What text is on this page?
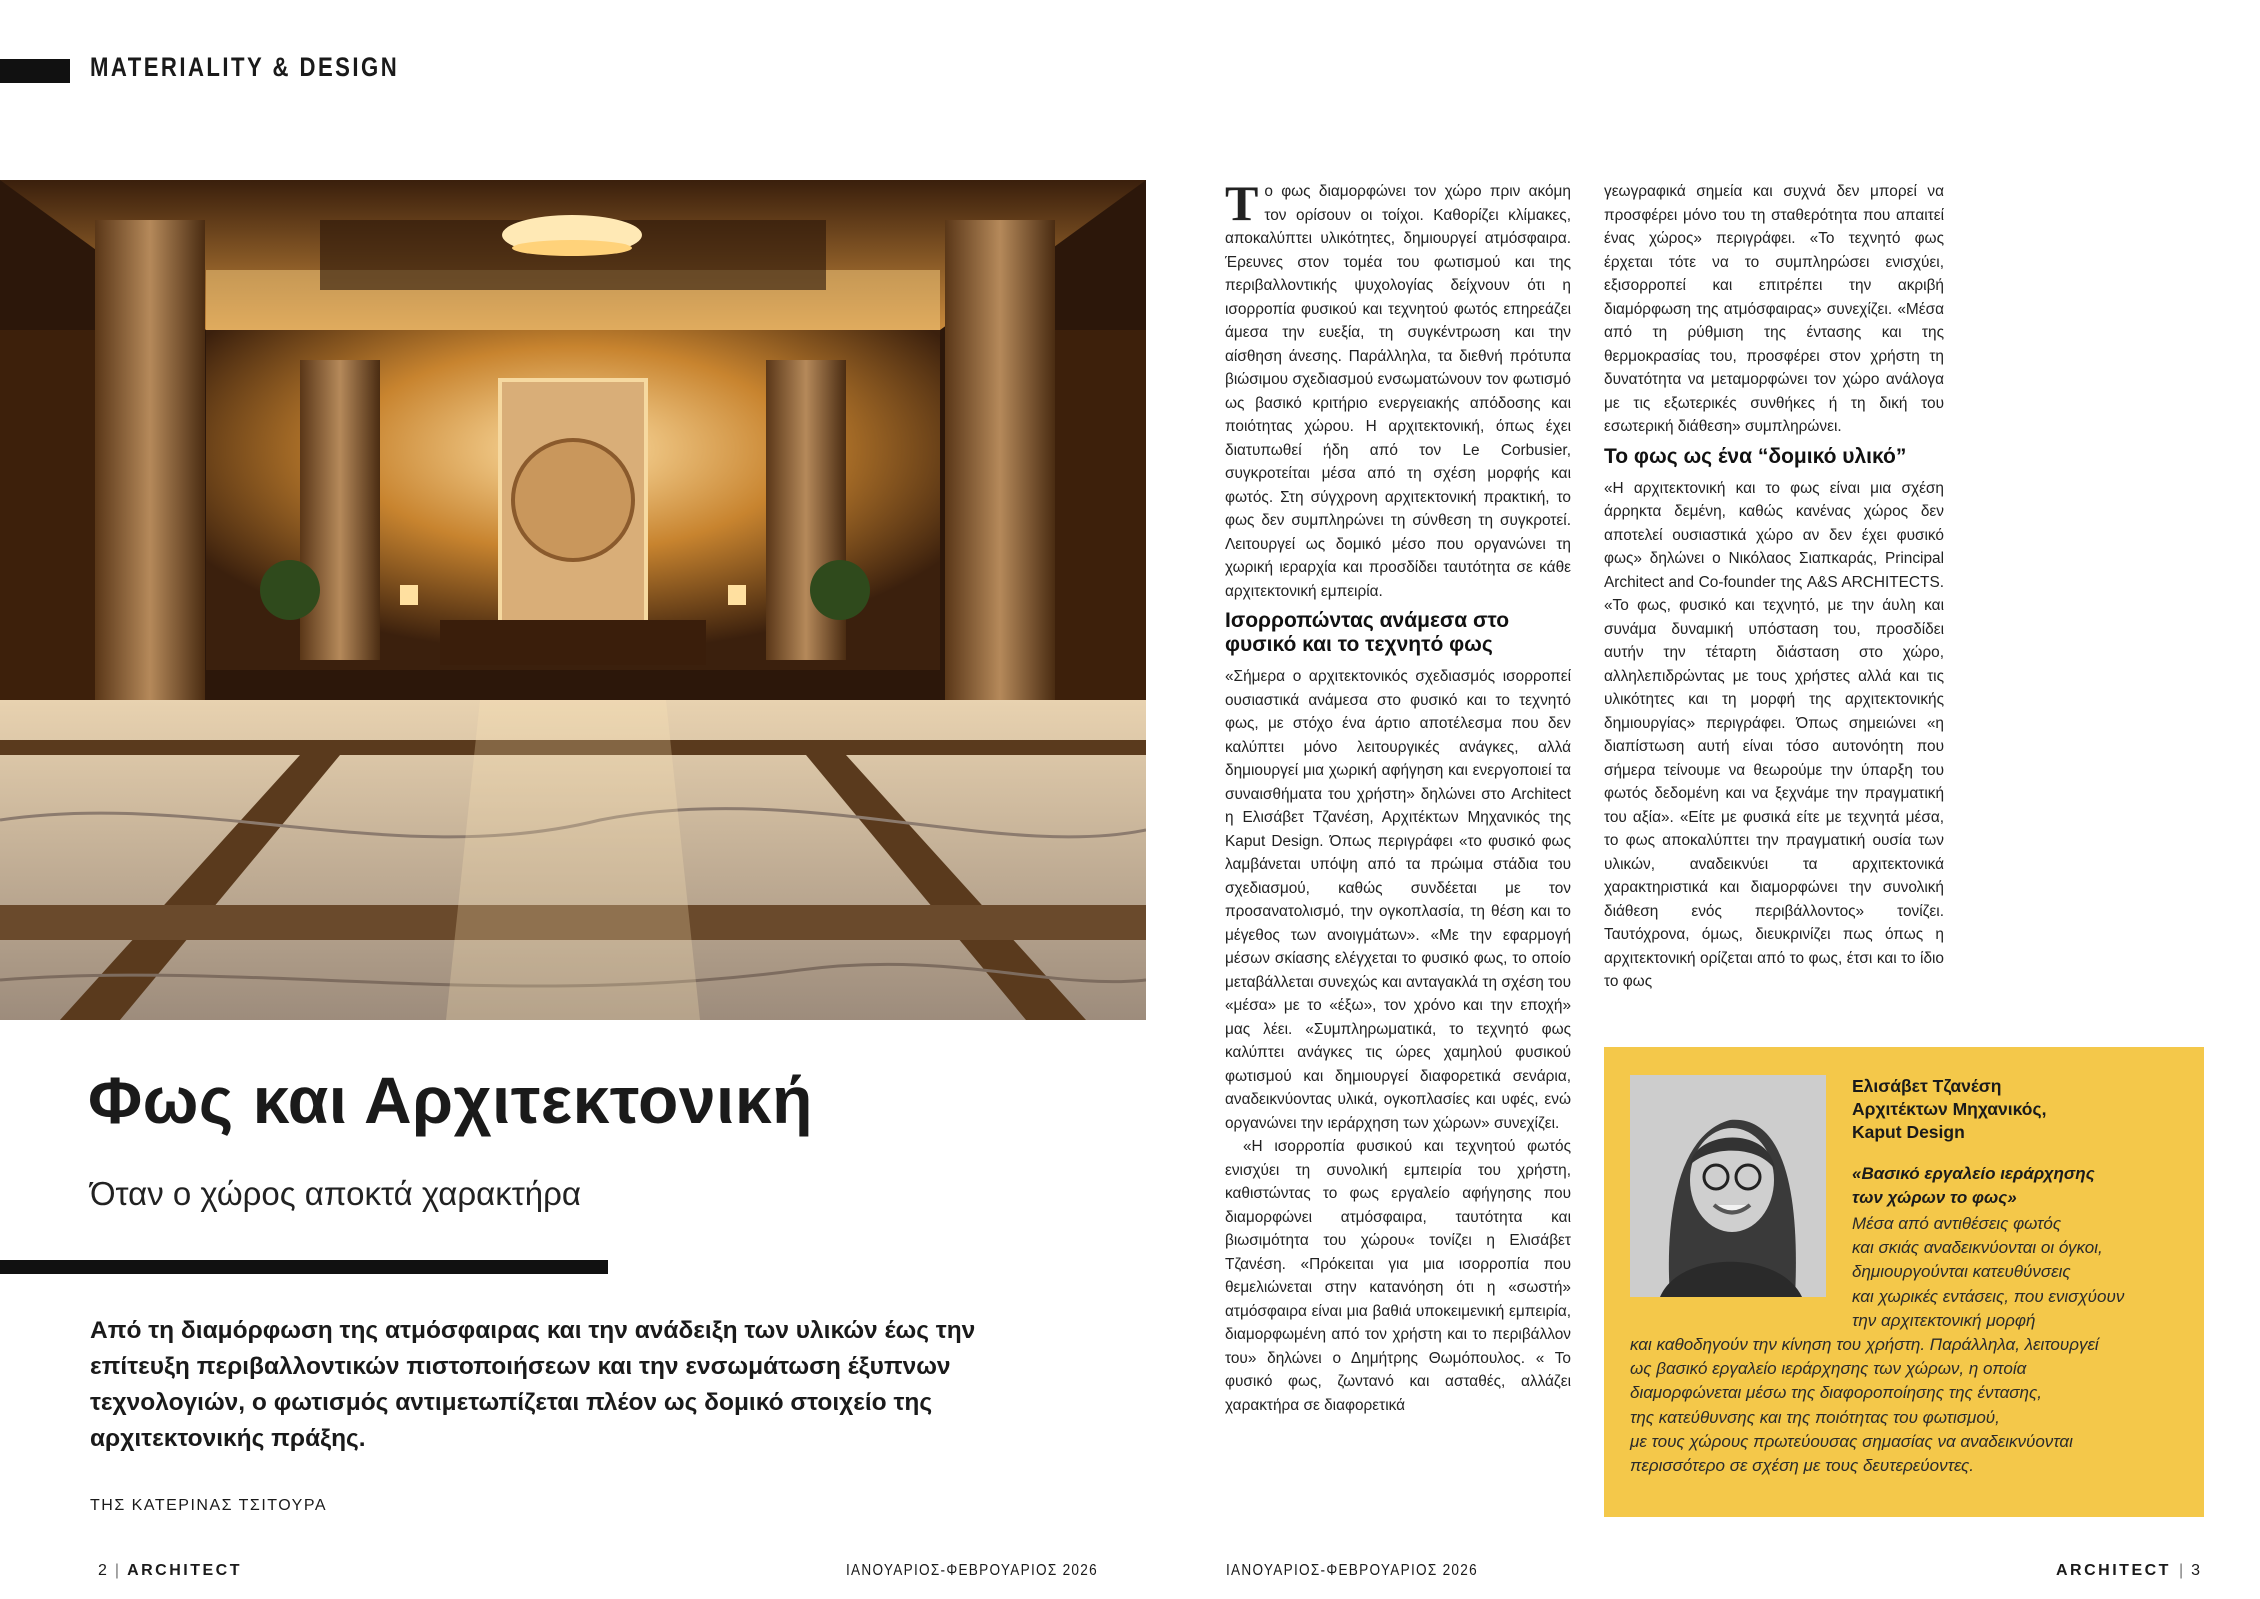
MATERIALITY & DESIGN
Φως και Αρχιτεκτονική
Όταν ο χώρος αποκτά χαρακτήρα
Από τη διαμόρφωση της ατμόσφαιρας και την ανάδειξη των υλικών έως την επίτευξη περιβαλλοντικών πιστοποιήσεων και την ενσωμάτωση έξυπνων τεχνολογιών, ο φωτισμός αντιμετωπίζεται πλέον ως δομικό στοιχείο της αρχιτεκτονικής πράξης.
ΤΗΣ ΚΑΤΕΡΙΝΑΣ ΤΣΙΤΟΥΡΑ

Το φως διαμορφώνει τον χώρο πριν ακόμη τον ορίσουν οι τοίχοι. Καθορίζει κλίμακες, αποκαλύπτει υλικότητες, δημιουργεί ατμόσφαιρα. Έρευνες στον τομέα του φωτισμού και της περιβαλλοντικής ψυχολογίας δείχνουν ότι η ισορροπία φυσικού και τεχνητού φωτός επηρεάζει άμεσα την ευεξία, τη συγκέντρωση και την αίσθηση άνεσης. Παράλληλα, τα διεθνή πρότυπα βιώσιμου σχεδιασμού ενσωματώνουν τον φωτισμό ως βασικό κριτήριο ενεργειακής απόδοσης και ποιότητας χώρου. Η αρχιτεκτονική, όπως έχει διατυπωθεί ήδη από τον Le Corbusier, συγκροτείται μέσα από τη σχέση μορφής και φωτός. Στη σύγχρονη αρχιτεκτονική πρακτική, το φως δεν συμπληρώνει τη σύνθεση τη συγκροτεί. Λειτουργεί ως δομικό μέσο που οργανώνει τη χωρική ιεραρχία και προσδίδει ταυτότητα σε κάθε αρχιτεκτονική εμπειρία.

Ισορροπώντας ανάμεσα στο φυσικό και το τεχνητό φως

«Σήμερα ο αρχιτεκτονικός σχεδιασμός ισορροπεί ουσιαστικά ανάμεσα στο φυσικό και το τεχνητό φως, με στόχο ένα άρτιο αποτέλεσμα που δεν καλύπτει μόνο λειτουργικές ανάγκες, αλλά δημιουργεί μια χωρική αφήγηση και ενεργοποιεί τα συναισθήματα του χρήστη» δηλώνει στο Architect η Ελισάβετ Τζανέση, Αρχιτέκτων Μηχανικός της Kaput Design. Όπως περιγράφει «το φυσικό φως λαμβάνεται υπόψη από τα πρώιμα στάδια του σχεδιασμού, καθώς συνδέεται με τον προσανατολισμό, την ογκοπλασία, τη θέση και το μέγεθος των ανοιγμάτων». «Με την εφαρμογή μέσων σκίασης ελέγχεται το φυσικό φως, το οποίο μεταβάλλεται συνεχώς και ανταγακλά τη σχέση του «μέσα» με το «έξω», τον χρόνο και την εποχή» μας λέει. «Συμπληρωματικά, το τεχνητό φως καλύπτει ανάγκες τις ώρες χαμηλού φυσικού φωτισμού και δημιουργεί διαφορετικά σενάρια, αναδεικνύοντας υλικά, ογκοπλασίες και υφές, ενώ οργανώνει την ιεράρχηση των χώρων» συνεχίζει.

«Η ισορροπία φυσικού και τεχνητού φωτός ενισχύει τη συνολική εμπειρία του χρήστη, καθιστώντας το φως εργαλείο αφήγησης που διαμορφώνει ατμόσφαιρα, ταυτότητα και βιωσιμότητα του χώρου« τονίζει η Ελισάβετ Τζανέση. «Πρόκειται για μια ισορροπία που θεμελιώνεται στην κατανόηση ότι η «σωστή» ατμόσφαιρα είναι μια βαθιά υποκειμενική εμπειρία, διαμορφωμένη από τον χρήστη και το περιβάλλον του» δηλώνει ο Δημήτρης Θωμόπουλος. « Το φυσικό φως, ζωντανό και ασταθές, αλλάζει χαρακτήρα σε διαφορετικά

γεωγραφικά σημεία και συχνά δεν μπορεί να προσφέρει μόνο του τη σταθερότητα που απαιτεί ένας χώρος» περιγράφει. «Το τεχνητό φως έρχεται τότε να το συμπληρώσει ενισχύει, εξισορροπεί και επιτρέπει την ακριβή διαμόρφωση της ατμόσφαιρας» συνεχίζει. «Μέσα από τη ρύθμιση της έντασης και της θερμοκρασίας του, προσφέρει στον χρήστη τη δυνατότητα να μεταμορφώνει τον χώρο ανάλογα με τις εξωτερικές συνθήκες ή τη δική του εσωτερική διάθεση» συμπληρώνει.

Το φως ως ένα “δομικό υλικό”

«Η αρχιτεκτονική και το φως είναι μια σχέση άρρηκτα δεμένη, καθώς κανένας χώρος δεν αποτελεί ουσιαστικά χώρο αν δεν έχει φυσικό φως» δηλώνει ο Νικόλαος Σιαπκαράς, Principal Architect and Co-founder της A&S ARCHITECTS. «Το φως, φυσικό και τεχνητό, με την άυλη και συνάμα δυναμική υπόσταση του, προσδίδει αυτήν την τέταρτη διάσταση στο χώρο, αλληλεπιδρώντας με τους χρήστες αλλά και τις υλικότητες και τη μορφή της αρχιτεκτονικής δημιουργίας» περιγράφει. Όπως σημειώνει «η διαπίστωση αυτή είναι τόσο αυτονόητη που σήμερα τείνουμε να θεωρούμε την ύπαρξη του φωτός δεδομένη και να ξεχνάμε την πραγματική του αξία». «Είτε με φυσικά είτε με τεχνητά μέσα, το φως αποκαλύπτει την πραγματική ουσία των υλικών, αναδεικνύει τα αρχιτεκτονικά χαρακτηριστικά και διαμορφώνει την συνολική διάθεση ενός περιβάλλοντος» τονίζει. Ταυτόχρονα, όμως, διευκρινίζει πως όπως η αρχιτεκτονική ορίζεται από το φως, έτσι και το ίδιο το φως

Ελισάβετ Τζανέση
Αρχιτέκτων Μηχανικός,
Kaput Design
«Βασικό εργαλείο ιεράρχησης
των χώρων το φως»
Μέσα από αντιθέσεις φωτός
και σκιάς αναδεικνύονται οι όγκοι,
δημιουργούνται κατευθύνσεις
και χωρικές εντάσεις, που ενισχύουν
την αρχιτεκτονική μορφή
και καθοδηγούν την κίνηση του χρήστη. Παράλληλα, λειτουργεί
ως βασικό εργαλείο ιεράρχησης των χώρων, η οποία
διαμορφώνεται μέσω της διαφοροποίησης της έντασης,
της κατεύθυνσης και της ποιότητας του φωτισμού,
με τους χώρους πρωτεύουσας σημασίας να αναδεικνύονται
περισσότερο σε σχέση με τους δευτερεύοντες.
2 | ARCHITECT	ΙΑΝΟΥΑΡΙΟΣ-ΦΕΒΡΟΥΑΡΙΟΣ 2026	ΙΑΝΟΥΑΡΙΟΣ-ΦΕΒΡΟΥΑΡΙΟΣ 2026	ARCHITECT | 3
